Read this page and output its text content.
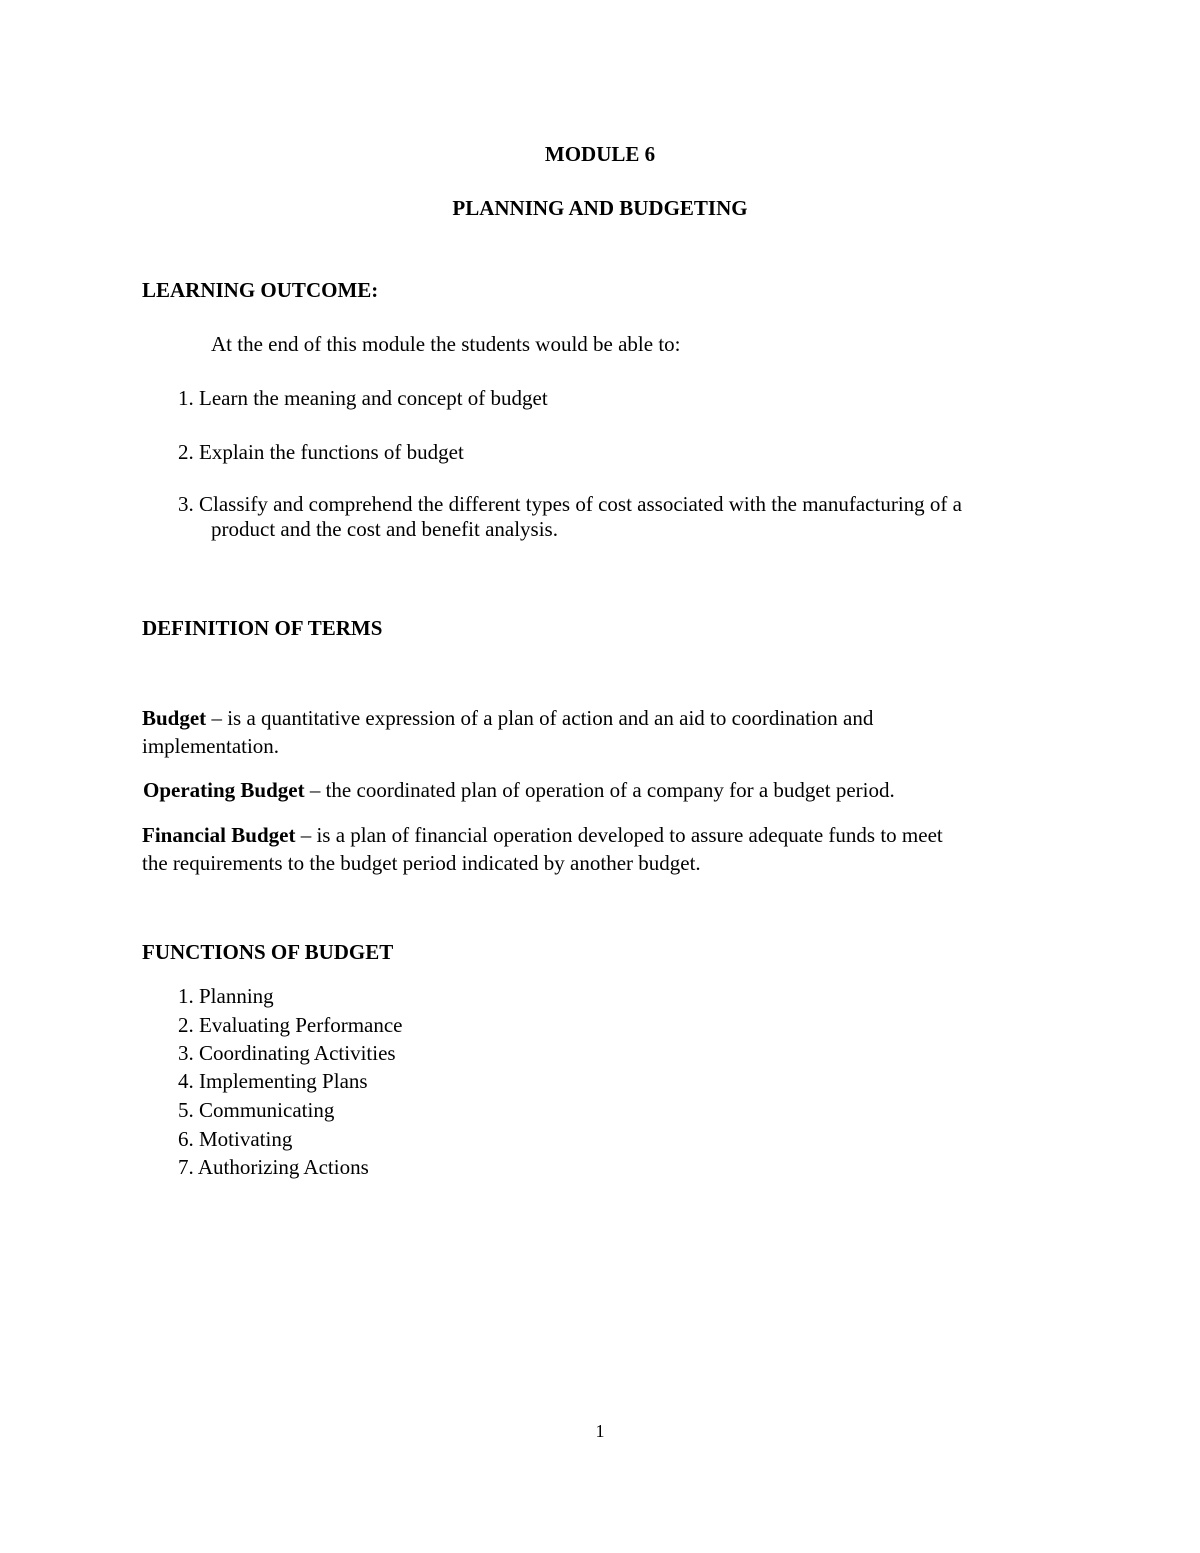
MODULE 6
PLANNING AND BUDGETING
LEARNING OUTCOME:
At the end of this module the students would be able to:
1. Learn the meaning and concept of budget
2. Explain the functions of budget
3. Classify and comprehend the different types of cost associated with the manufacturing of a
product and the cost and benefit analysis.
DEFINITION OF TERMS
Budget – is a quantitative expression of a plan of action and an aid to coordination and
implementation.
Operating Budget – the coordinated plan of operation of a company for a budget period.
Financial Budget – is a plan of financial operation developed to assure adequate funds to meet
the requirements to the budget period indicated by another budget.
FUNCTIONS OF BUDGET
1. Planning
2. Evaluating Performance
3. Coordinating Activities
4. Implementing Plans
5. Communicating
6. Motivating
7. Authorizing Actions
1
